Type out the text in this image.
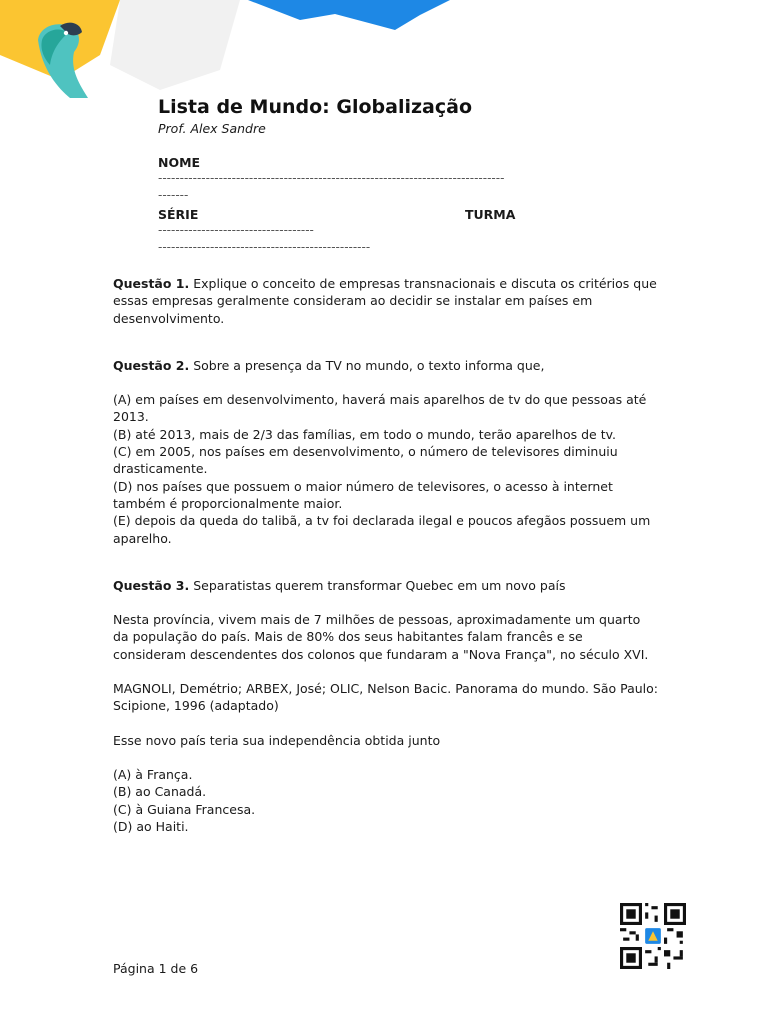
Lista de Mundo: Globalização
Prof. Alex Sandre
NOME
--------------------------------------------------------------------------------
-------
SÉRIE
------------------------------------
-------------------------------------------------
TURMA

Questão 1. Explique o conceito de empresas transnacionais e discuta os critérios que essas empresas geralmente consideram ao decidir se instalar em países em desenvolvimento.

Questão 2. Sobre a presença da TV no mundo, o texto informa que,

(A) em países em desenvolvimento, haverá mais aparelhos de tv do que pessoas até 2013.

(B) até 2013, mais de 2/3 das famílias, em todo o mundo, terão aparelhos de tv.

(C) em 2005, nos países em desenvolvimento, o número de televisores diminuiu drasticamente.

(D) nos países que possuem o maior número de televisores, o acesso à internet também é proporcionalmente maior.

(E) depois da queda do talibã, a tv foi declarada ilegal e poucos afegãos possuem um aparelho.

Questão 3. Separatistas querem transformar Quebec em um novo país

Nesta província, vivem mais de 7 milhões de pessoas, aproximadamente um quarto da população do país. Mais de 80% dos seus habitantes falam francês e se consideram descendentes dos colonos que fundaram a "Nova França", no século XVI.

MAGNOLI, Demétrio; ARBEX, José; OLIC, Nelson Bacic. Panorama do mundo. São Paulo: Scipione, 1996 (adaptado)

Esse novo país teria sua independência obtida junto

(A) à França.

(B) ao Canadá.

(C) à Guiana Francesa.

(D) ao Haiti.

Página 1 de 6
